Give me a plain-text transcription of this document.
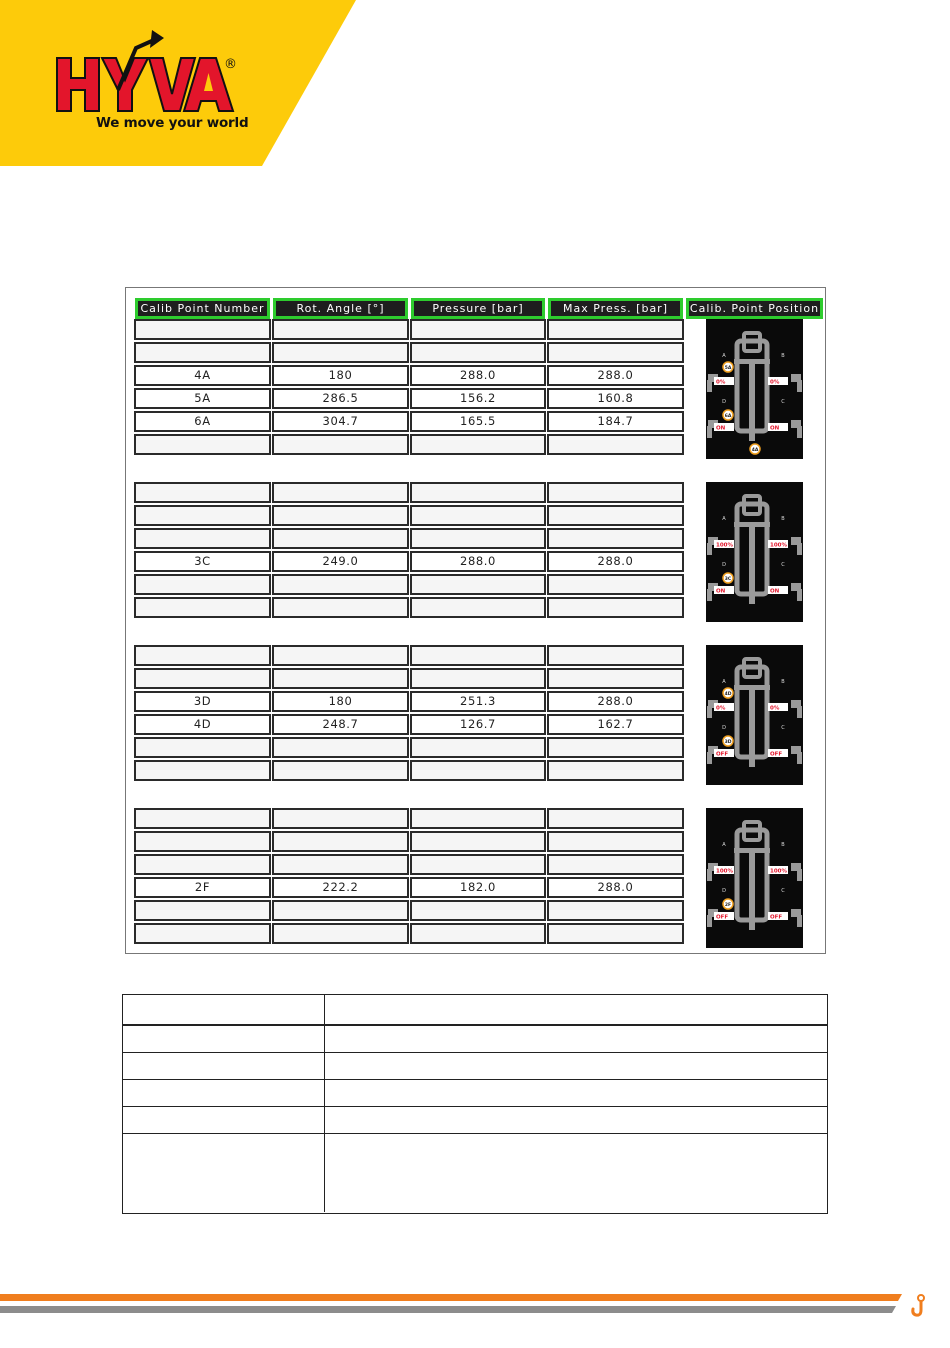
®
We move your world
Calib Point Number	Rot. Angle [°]	Pressure [bar]	Max Press. [bar]	Calib. Point Position
4A	180	288.0	288.0
5A	286.5	156.2	160.8
6A	304.7	165.5	184.7
A	B
D	C
0%	0%
ON	ON
5A
6A
4A
3C	249.0	288.0	288.0
A	B
D	C
100%	100%
ON	ON
3C
3D	180	251.3	288.0
4D	248.7	126.7	162.7
A	B
D	C
0%	0%
OFF	OFF
4D
3D
2F	222.2	182.0	288.0
A	B
D	C
100%	100%
OFF	OFF
2F
